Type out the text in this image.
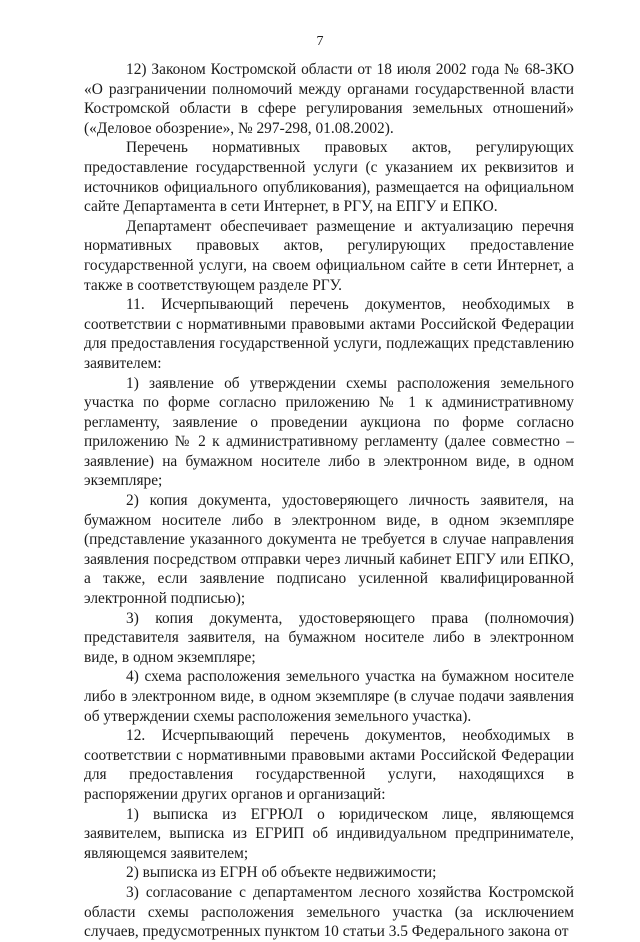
7

12) Законом Костромской области от 18 июля 2002 года № 68-ЗКО «О разграничении полномочий между органами государственной власти Костромской области в сфере регулирования земельных отношений» («Деловое обозрение», № 297-298, 01.08.2002).

Перечень нормативных правовых актов, регулирующих предоставление государственной услуги (с указанием их реквизитов и источников официального опубликования), размещается на официальном сайте Департамента в сети Интернет, в РГУ, на ЕПГУ и ЕПКО.

Департамент обеспечивает размещение и актуализацию перечня нормативных правовых актов, регулирующих предоставление государственной услуги, на своем официальном сайте в сети Интернет, а также в соответствующем разделе РГУ.

11. Исчерпывающий перечень документов, необходимых в соответствии с нормативными правовыми актами Российской Федерации для предоставления государственной услуги, подлежащих представлению заявителем:

1) заявление об утверждении схемы расположения земельного участка по форме согласно приложению № 1 к административному регламенту, заявление о проведении аукциона по форме согласно приложению № 2 к административному регламенту (далее совместно – заявление) на бумажном носителе либо в электронном виде, в одном экземпляре;

2) копия документа, удостоверяющего личность заявителя, на бумажном носителе либо в электронном виде, в одном экземпляре (представление указанного документа не требуется в случае направления заявления посредством отправки через личный кабинет ЕПГУ или ЕПКО, а также, если заявление подписано усиленной квалифицированной электронной подписью);

3) копия документа, удостоверяющего права (полномочия) представителя заявителя, на бумажном носителе либо в электронном виде, в одном экземпляре;

4) схема расположения земельного участка на бумажном носителе либо в электронном виде, в одном экземпляре (в случае подачи заявления об утверждении схемы расположения земельного участка).

12. Исчерпывающий перечень документов, необходимых в соответствии с нормативными правовыми актами Российской Федерации для предоставления государственной услуги, находящихся в распоряжении других органов и организаций:

1) выписка из ЕГРЮЛ о юридическом лице, являющемся заявителем, выписка из ЕГРИП об индивидуальном предпринимателе, являющемся заявителем;

2) выписка из ЕГРН об объекте недвижимости;

3) согласование с департаментом лесного хозяйства Костромской области схемы расположения земельного участка (за исключением случаев, предусмотренных пунктом 10 статьи 3.5 Федерального закона от
